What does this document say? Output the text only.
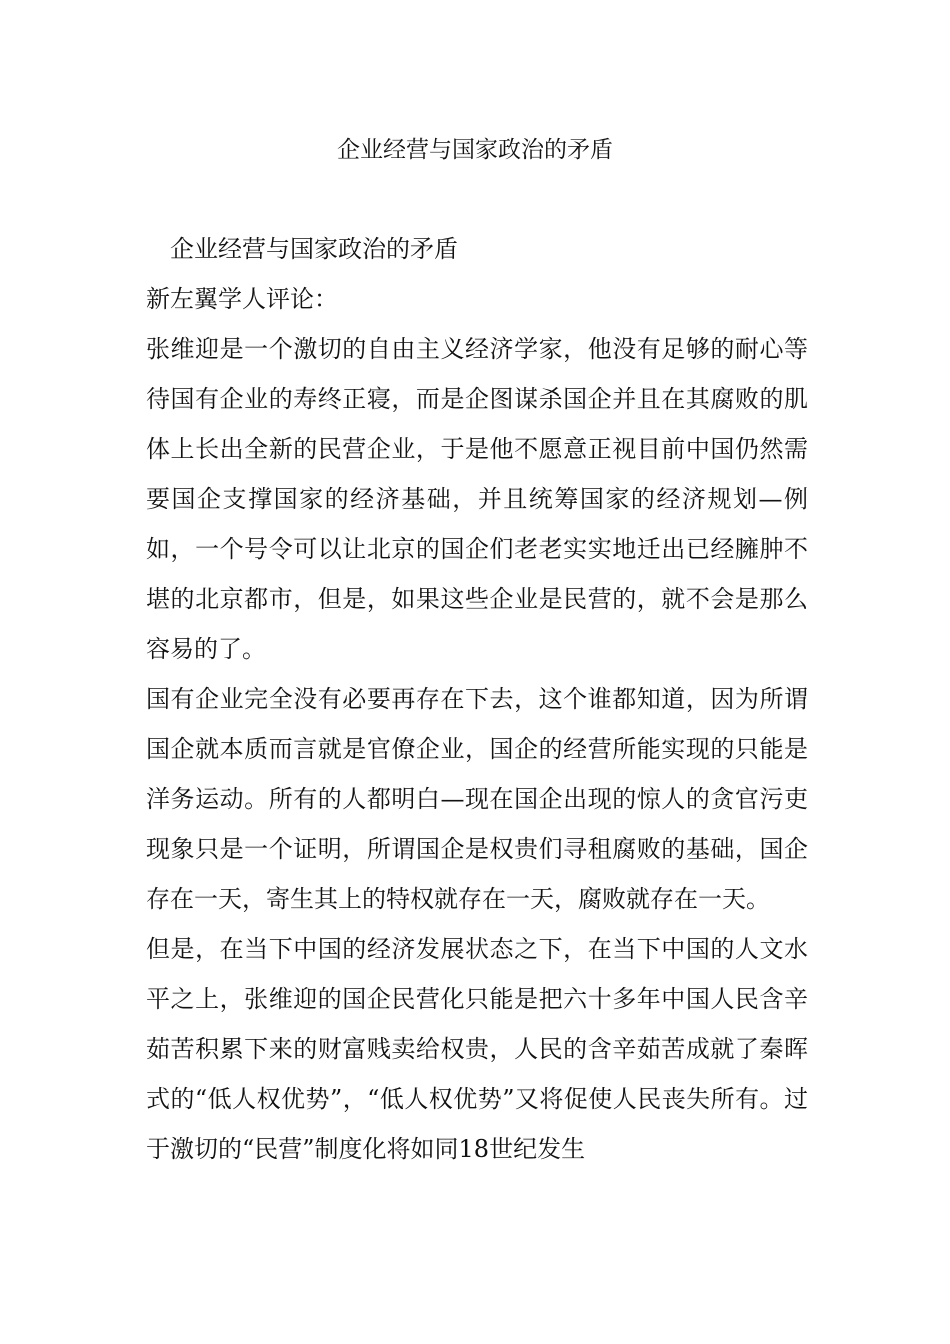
企业经营与国家政治的矛盾

企业经营与国家政治的矛盾

新左翼学人评论：

张维迎是一个激切的自由主义经济学家，他没有足够的耐心等待国有企业的寿终正寝，而是企图谋杀国企并且在其腐败的肌体上长出全新的民营企业，于是他不愿意正视目前中国仍然需要国企支撑国家的经济基础，并且统筹国家的经济规划—例如，一个号令可以让北京的国企们老老实实地迁出已经臃肿不堪的北京都市，但是，如果这些企业是民营的，就不会是那么容易的了。

国有企业完全没有必要再存在下去，这个谁都知道，因为所谓国企就本质而言就是官僚企业，国企的经营所能实现的只能是洋务运动。所有的人都明白—现在国企出现的惊人的贪官污吏现象只是一个证明，所谓国企是权贵们寻租腐败的基础，国企存在一天，寄生其上的特权就存在一天，腐败就存在一天。

但是，在当下中国的经济发展状态之下，在当下中国的人文水平之上，张维迎的国企民营化只能是把六十多年中国人民含辛茹苦积累下来的财富贱卖给权贵，人民的含辛茹苦成就了秦晖式的“低人权优势”，“低人权优势”又将促使人民丧失所有。过于激切的“民营”制度化将如同18世纪发生
